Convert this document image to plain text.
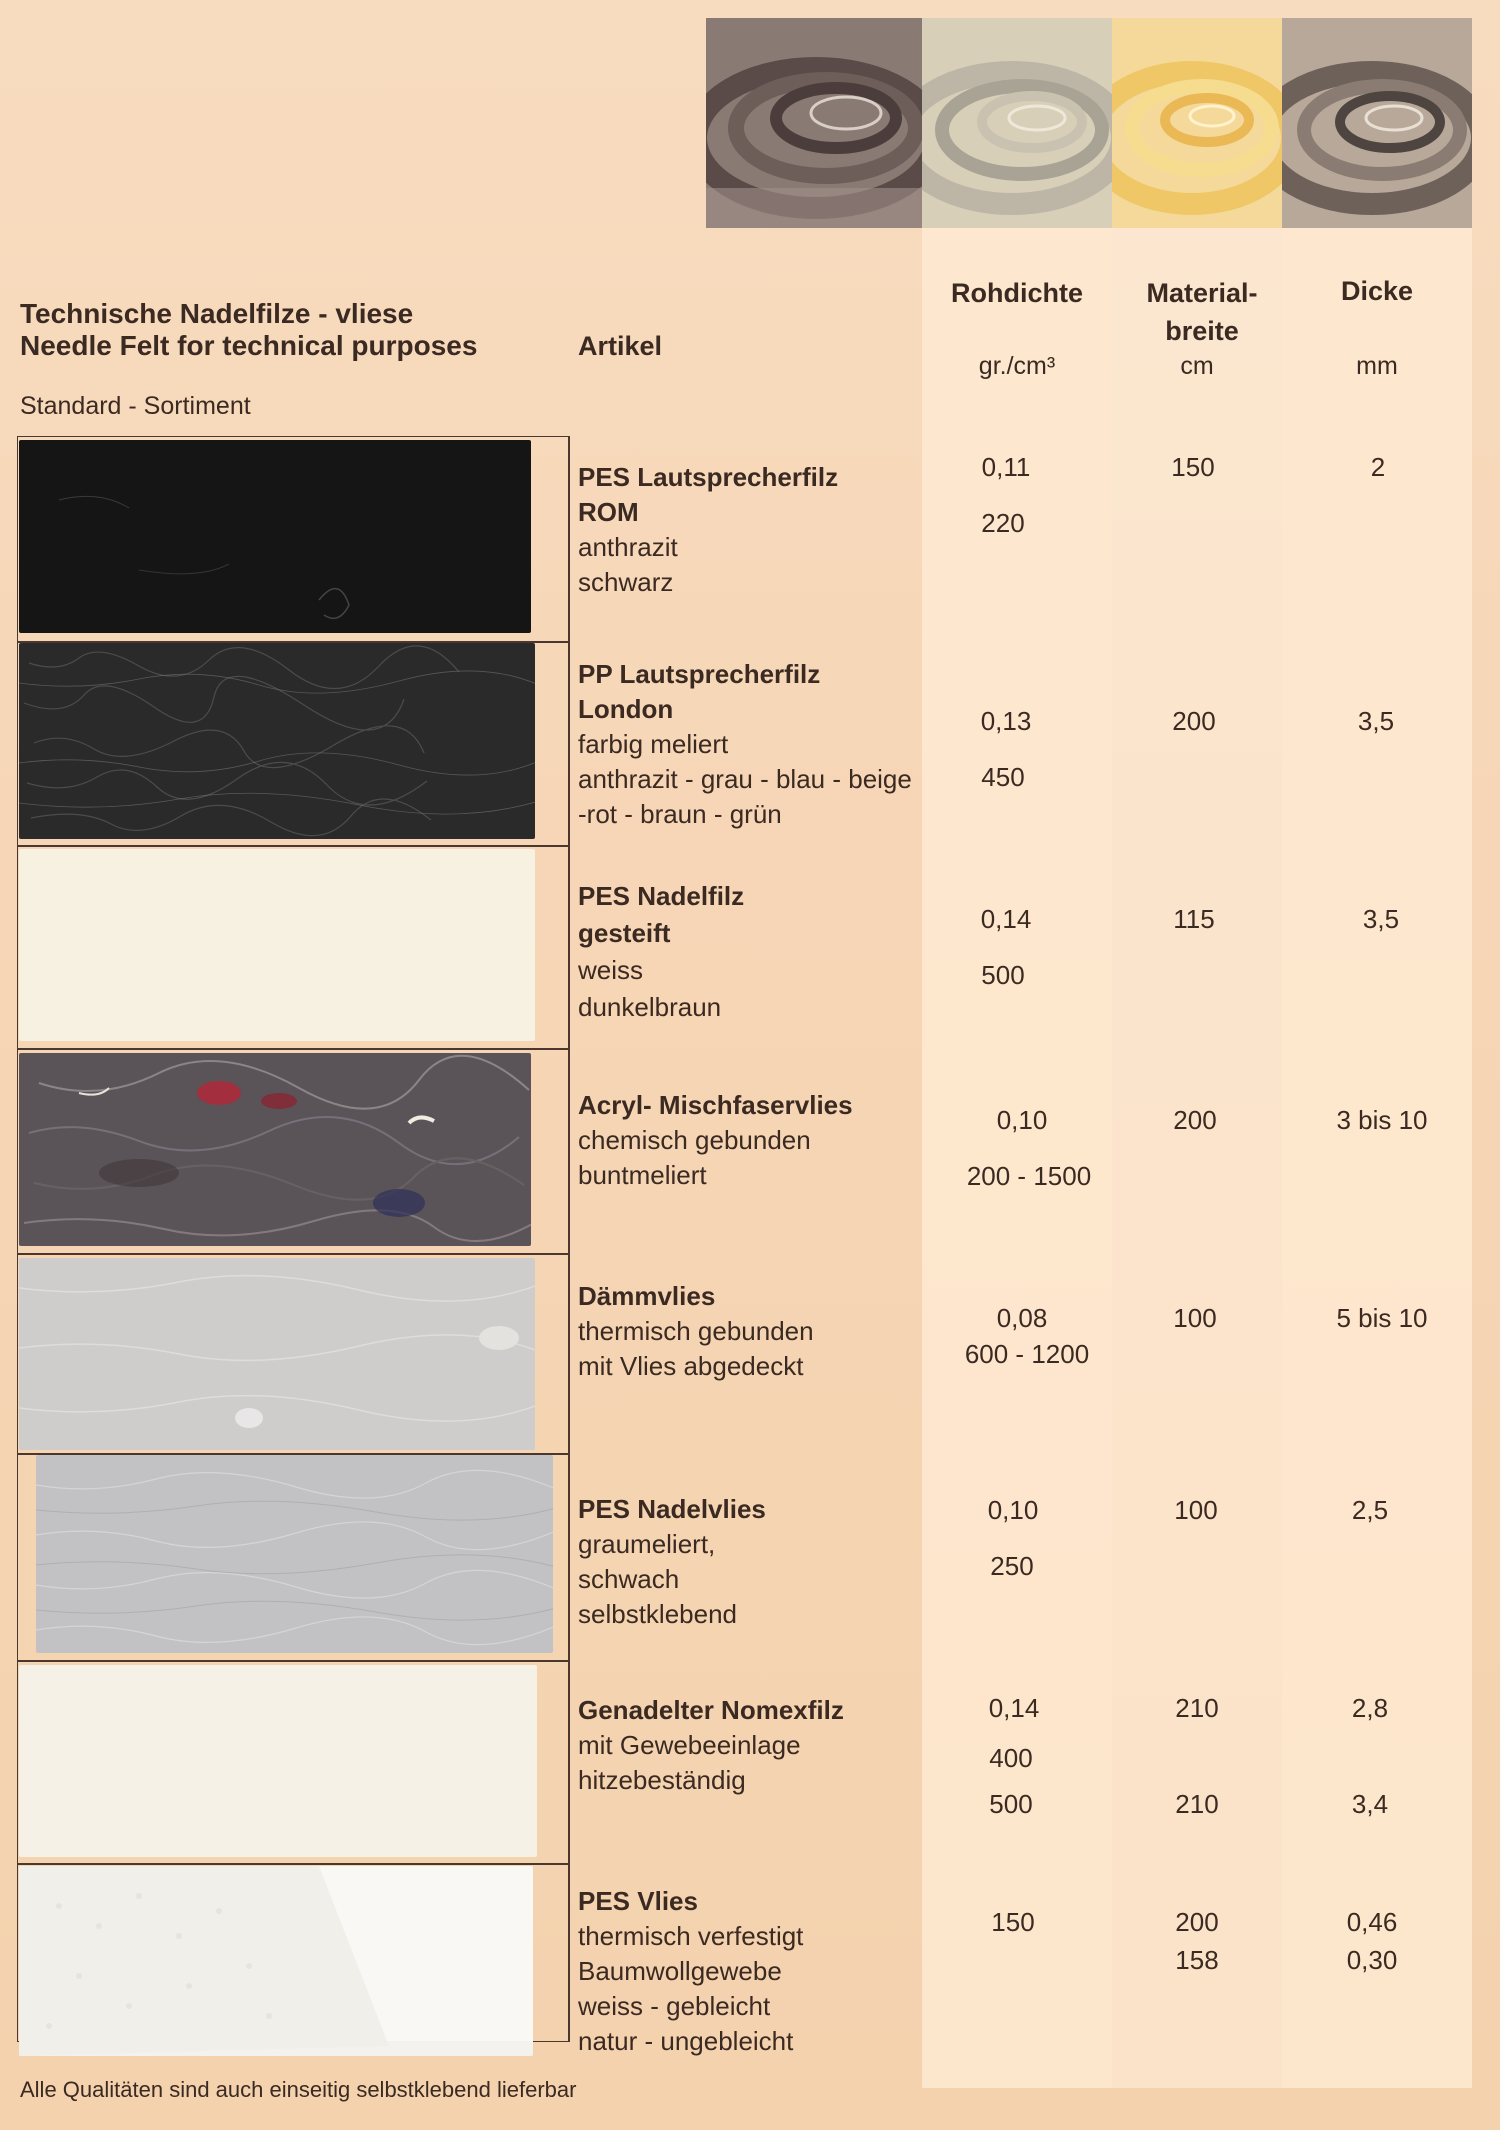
Technische Nadelfilze - vliese
Needle Felt for technical purposes
Standard - Sortiment
Artikel
Rohdichte
gr./cm³
Material-
breite
cm
Dicke
mm
PES Lautsprecherfilz
ROM
anthrazit
schwarz
PP Lautsprecherfilz
London
farbig meliert
anthrazit - grau - blau - beige
-rot - braun - grün
PES Nadelfilz
gesteift
weiss
dunkelbraun
Acryl- Mischfaservlies
chemisch gebunden
buntmeliert
Dämmvlies
thermisch gebunden
mit Vlies abgedeckt
PES Nadelvlies
graumeliert,
schwach
selbstklebend
Genadelter Nomexfilz
mit Gewebeeinlage
hitzebeständig
PES Vlies
thermisch verfestigt
Baumwollgewebe
weiss - gebleicht
natur - ungebleicht
0,11
220
0,13
450
0,14
500
0,10
200 - 1500
0,08
600 - 1200
0,10
250
0,14
400
500
150
150
200
115
200
100
100
210
210
200
158
2
3,5
3,5
3 bis 10
5 bis 10
2,5
2,8
3,4
0,46
0,30
Alle Qualitäten sind auch einseitig selbstklebend lieferbar
